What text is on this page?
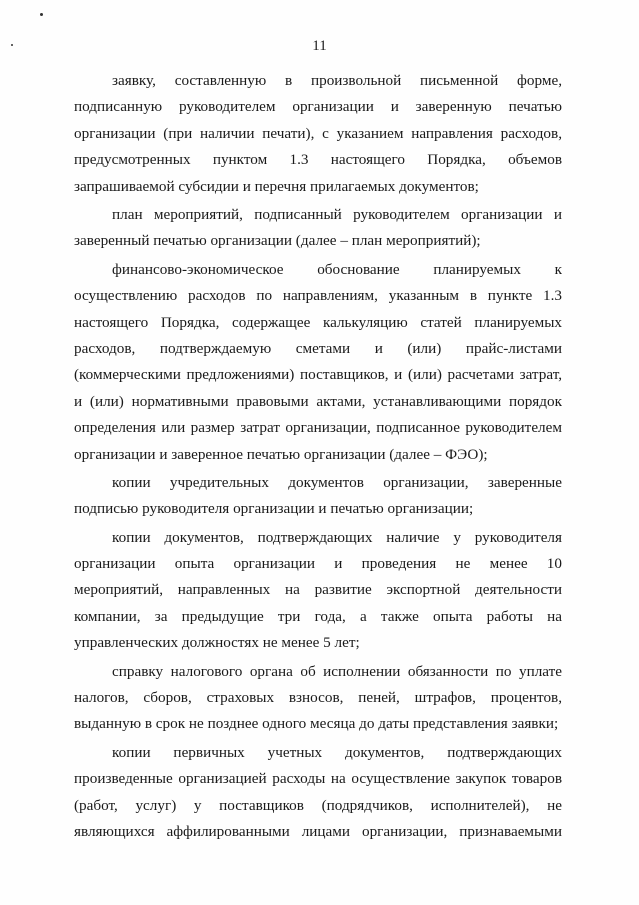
11
заявку, составленную в произвольной письменной форме,
подписанную руководителем организации и заверенную печатью
организации (при наличии печати), с указанием направления расходов,
предусмотренных пунктом 1.3 настоящего Порядка, объемов
запрашиваемой субсидии и перечня прилагаемых документов;
план мероприятий, подписанный руководителем организации и
заверенный печатью организации (далее – план мероприятий);
финансово-экономическое обоснование планируемых к
осуществлению расходов по направлениям, указанным в пункте 1.3
настоящего Порядка, содержащее калькуляцию статей планируемых
расходов, подтверждаемую сметами и (или) прайс-листами
(коммерческими предложениями) поставщиков, и (или) расчетами затрат,
и (или) нормативными правовыми актами, устанавливающими порядок
определения или размер затрат организации, подписанное руководителем
организации и заверенное печатью организации (далее – ФЭО);
копии учредительных документов организации, заверенные
подписью руководителя организации и печатью организации;
копии документов, подтверждающих наличие у руководителя
организации опыта организации и проведения не менее 10
мероприятий, направленных на развитие экспортной деятельности
компании, за предыдущие три года, а также опыта работы на
управленческих должностях не менее 5 лет;
справку налогового органа об исполнении обязанности по уплате
налогов, сборов, страховых взносов, пеней, штрафов, процентов,
выданную в срок не позднее одного месяца до даты представления заявки;
копии первичных учетных документов, подтверждающих
произведенные организацией расходы на осуществление закупок товаров
(работ, услуг) у поставщиков (подрядчиков, исполнителей), не
являющихся аффилированными лицами организации, признаваемыми
